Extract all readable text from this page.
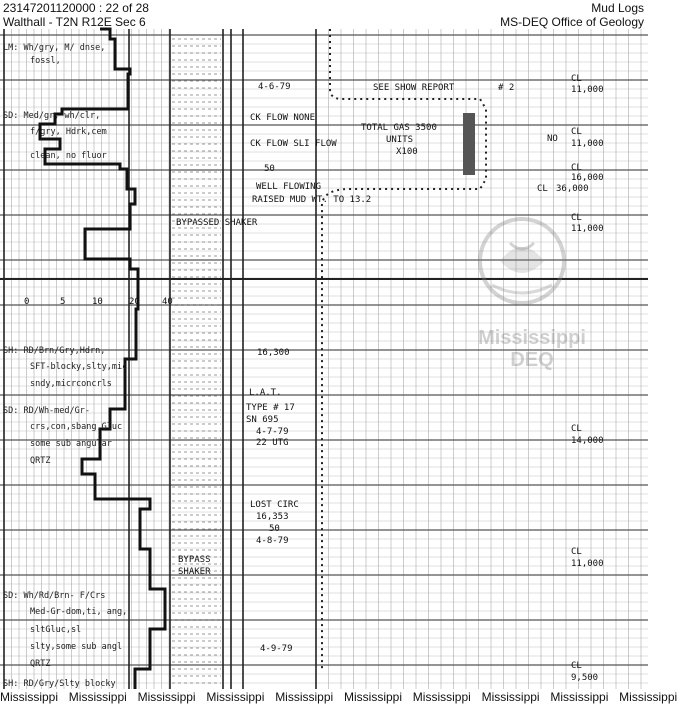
23147201120000 : 22 of 28
Walthall - T2N R12E Sec 6
Mud Logs
MS-DEQ Office of Geology
Mississippi
DEQ
0	5	10	20 40
LM: Wh/gry, M/ dnse,
fossl,
SD: Med/gr, wh/clr,
f/gry, Hdrk,cem
clean, no fluor
SH: RD/Brn/Gry,Hdrn,
SFT-blocky,slty,mic
sndy,micrconcrls
SD: RD/Wh-med/Gr-
crs,con,sbang,Gluc
some sub angular
QRTZ
SD: Wh/Rd/Brn- F/Crs
Med-Gr-dom,ti, ang,
sltGluc,sl
slty,some sub angl
QRTZ
SH: RD/Gry/Slty blocky
4-6-79
CK FLOW NONE
CK FLOW SLI FLOW
50
WELL FLOWING
RAISED MUD WT. TO 13.2
BYPASSED SHAKER
16,300
L.A.T.
TYPE # 17
SN 695
4-7-79
22 UTG
LOST CIRC
16,353
50
4-8-79
BYPASS
SHAKER
4-9-79
SEE SHOW REPORT	# 2
TOTAL GAS 3500
UNITS
X100
NO
CL
11,000
CL
11,000
CL
16,000
CL 36,000
CL
11,000
CL
14,000
CL
11,000
CL
9,500
Mississippi Mississippi Mississippi Mississippi Mississippi Mississippi Mississippi Mississippi Mississippi Mississippi
